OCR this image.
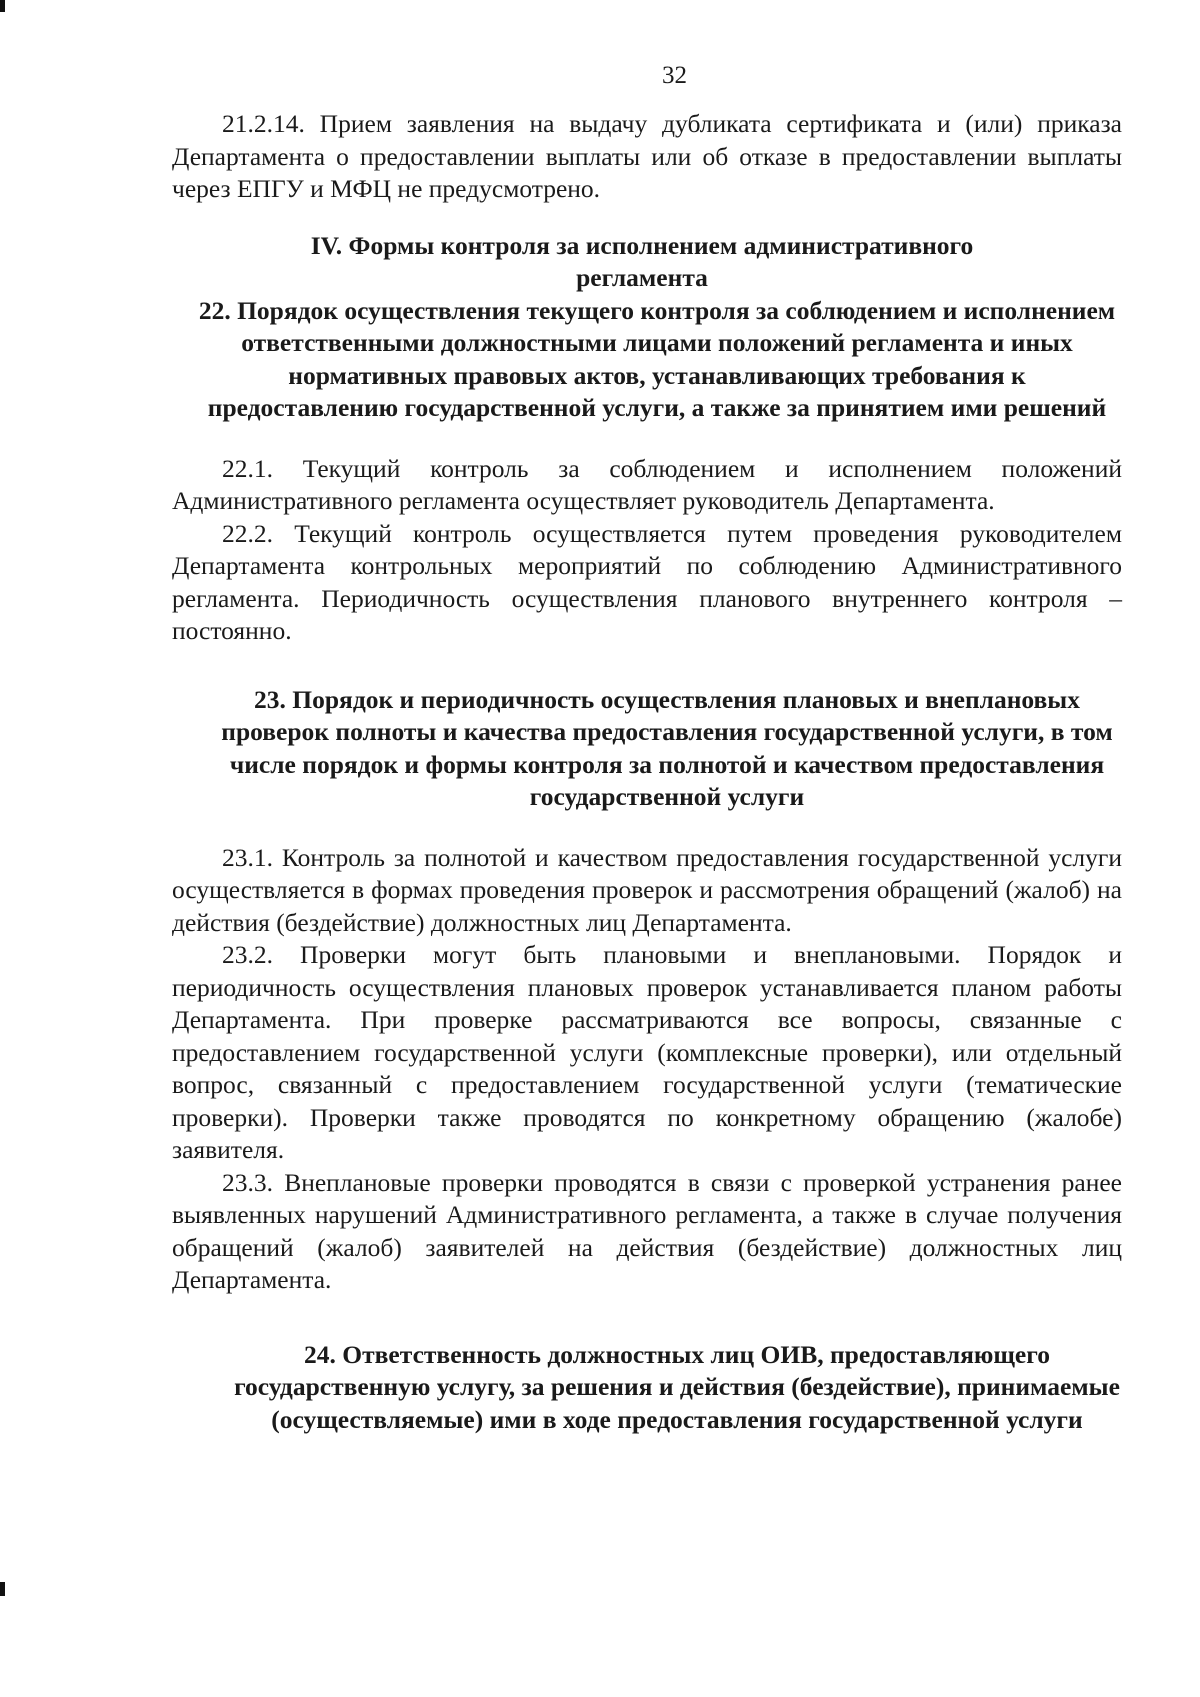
32

21.2.14. Прием заявления на выдачу дубликата сертификата и (или) приказа Департамента о предоставлении выплаты или об отказе в предоставлении выплаты через ЕПГУ и МФЦ не предусмотрено.

IV. Формы контроля за исполнением административного регламента
22. Порядок осуществления текущего контроля за соблюдением и исполнением ответственными должностными лицами положений регламента и иных нормативных правовых актов, устанавливающих требования к предоставлению государственной услуги, а также за принятием ими решений

22.1. Текущий контроль за соблюдением и исполнением положений Административного регламента осуществляет руководитель Департамента.

22.2. Текущий контроль осуществляется путем проведения руководителем Департамента контрольных мероприятий по соблюдению Административного регламента. Периодичность осуществления планового внутреннего контроля – постоянно.

23. Порядок и периодичность осуществления плановых и внеплановых проверок полноты и качества предоставления государственной услуги, в том числе порядок и формы контроля за полнотой и качеством предоставления государственной услуги

23.1. Контроль за полнотой и качеством предоставления государственной услуги осуществляется в формах проведения проверок и рассмотрения обращений (жалоб) на действия (бездействие) должностных лиц Департамента.

23.2. Проверки могут быть плановыми и внеплановыми. Порядок и периодичность осуществления плановых проверок устанавливается планом работы Департамента. При проверке рассматриваются все вопросы, связанные с предоставлением государственной услуги (комплексные проверки), или отдельный вопрос, связанный с предоставлением государственной услуги (тематические проверки). Проверки также проводятся по конкретному обращению (жалобе) заявителя.

23.3. Внеплановые проверки проводятся в связи с проверкой устранения ранее выявленных нарушений Административного регламента, а также в случае получения обращений (жалоб) заявителей на действия (бездействие) должностных лиц Департамента.

24. Ответственность должностных лиц ОИВ, предоставляющего государственную услугу, за решения и действия (бездействие), принимаемые (осуществляемые) ими в ходе предоставления государственной услуги
